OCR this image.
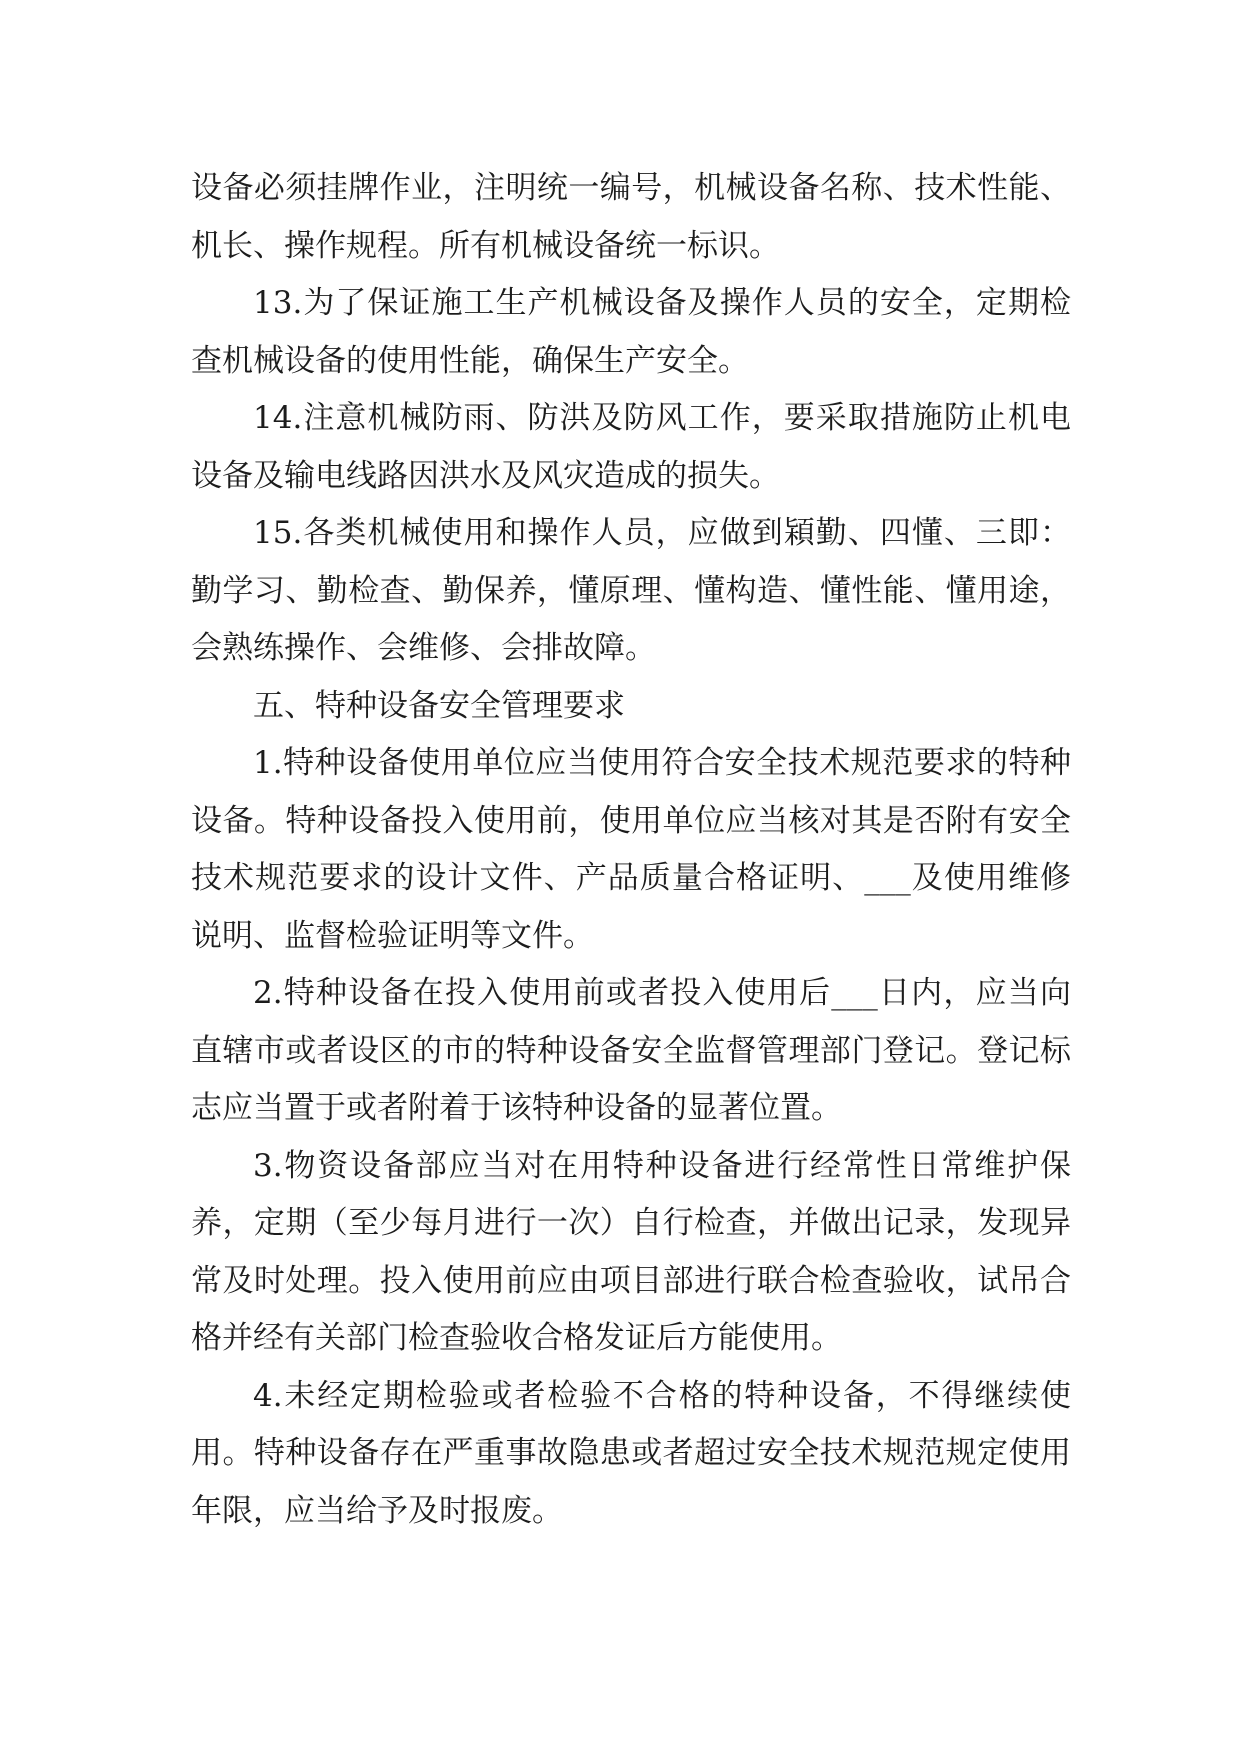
设备必须挂牌作业，注明统一编号，机械设备名称、技术性能、机长、操作规程。所有机械设备统一标识。

13.为了保证施工生产机械设备及操作人员的安全，定期检查机械设备的使用性能，确保生产安全。

14.注意机械防雨、防洪及防风工作，要采取措施防止机电设备及输电线路因洪水及风灾造成的损失。

15.各类机械使用和操作人员，应做到㯋勤、四懂、三即：勤学习、勤检查、勤保养，懂原理、懂构造、懂性能、懂用途，会熟练操作、会维修、会排故障。

五、特种设备安全管理要求

1.特种设备使用单位应当使用符合安全技术规范要求的特种设备。特种设备投入使用前，使用单位应当核对其是否附有安全技术规范要求的设计文件、产品质量合格证明、___及使用维修说明、监督检验证明等文件。

2.特种设备在投入使用前或者投入使用后___日内，应当向直辖市或者设区的市的特种设备安全监督管理部门登记。登记标志应当置于或者附着于该特种设备的显著位置。

3.物资设备部应当对在用特种设备进行经常性日常维护保养，定期（至少每月进行一次）自行检查，并做出记录，发现异常及时处理。投入使用前应由项目部进行联合检查验收，试吊合格并经有关部门检查验收合格发证后方能使用。

4.未经定期检验或者检验不合格的特种设备，不得继续使用。特种设备存在严重事故隐患或者超过安全技术规范规定使用年限，应当给予及时报废。
